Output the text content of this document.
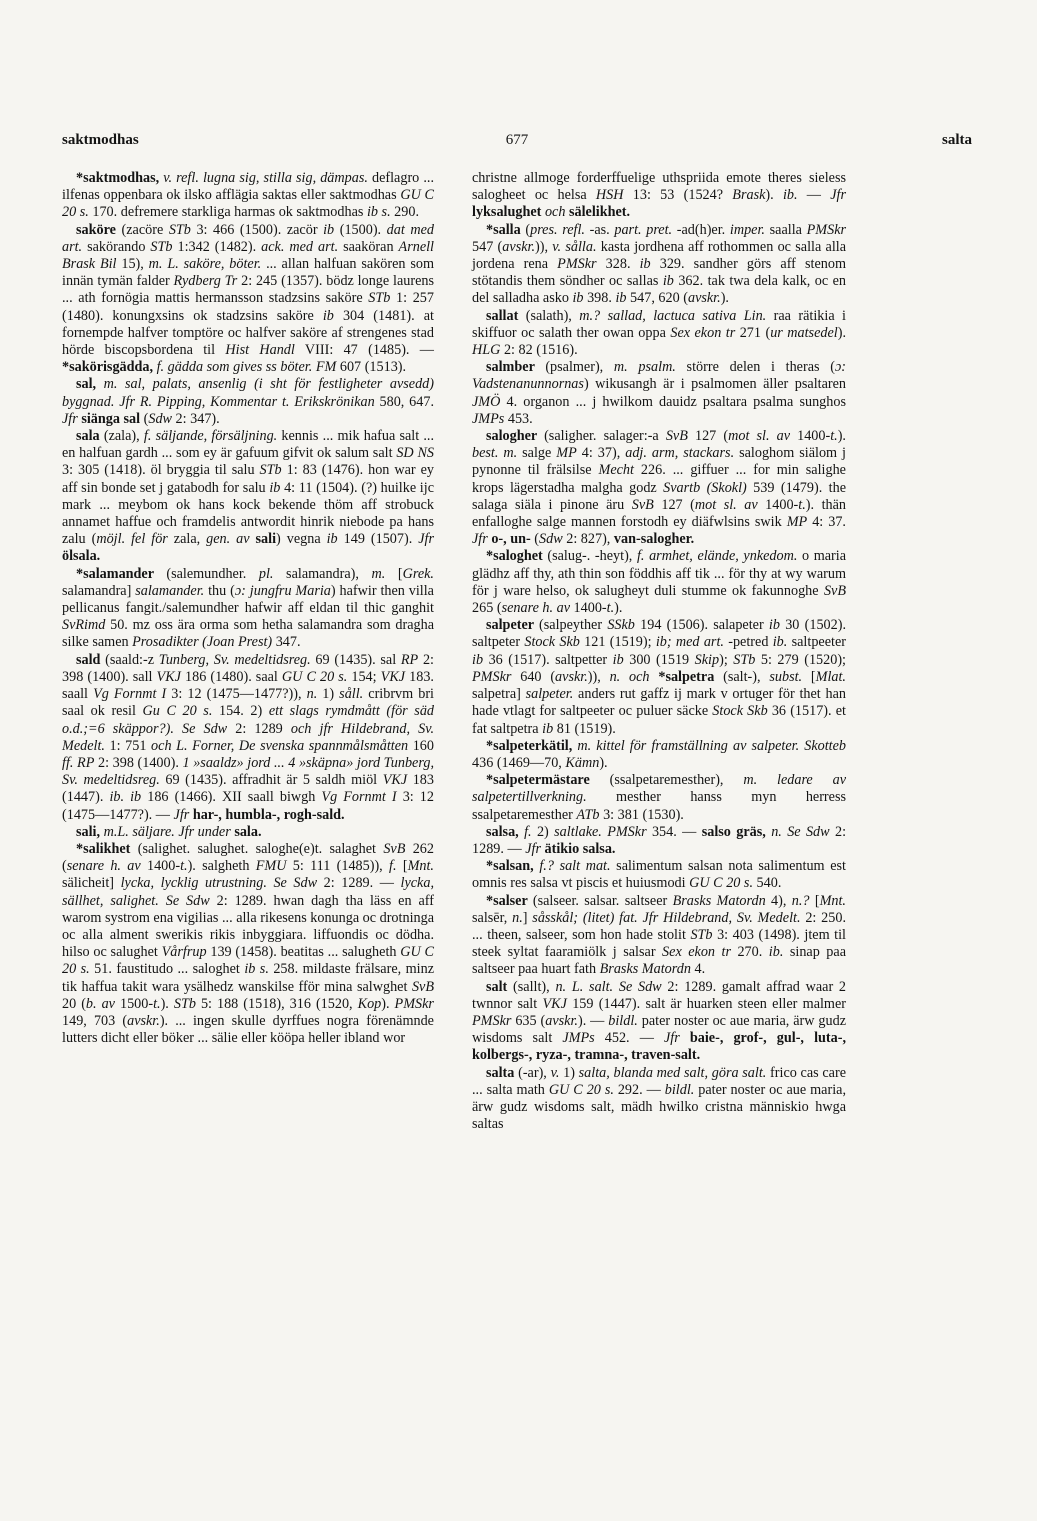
saktmodhas	677	salta

*saktmodhas, v. refl. lugna sig, stilla sig, dämpas. deflagro ... ilfenas oppenbara ok ilsko afflägia saktas eller saktmodhas GU C 20 s. 170. defremere starkliga harmas ok saktmodhas ib s. 290.

saköre (zacöre STb 3: 466 (1500). zacör ib (1500). dat med art. sakörando STb 1:342 (1482). ack. med art. saaköran Arnell Brask Bil 15), m. L. saköre, böter. ... allan halfuan sakören som innän tymän falder Rydberg Tr 2: 245 (1357). bödz longe laurens ... ath fornögia mattis hermansson stadzsins saköre STb 1: 257 (1480). konungxsins ok stadzsins saköre ib 304 (1481). at fornempde halfver tomptöre oc halfver saköre af strengenes stad hörde biscopsbordena til Hist Handl VIII: 47 (1485). — *sakörisgädda, f. gädda som gives ss böter. FM 607 (1513).

sal, m. sal, palats, ansenlig (i sht för festligheter avsedd) byggnad. Jfr R. Pipping, Kommentar t. Erikskrönikan 580, 647. Jfr siänga sal (Sdw 2: 347).

sala (zala), f. säljande, försäljning. kennis ... mik hafua salt ... en halfuan gardh ... som ey är gafuum gifvit ok salum salt SD NS 3: 305 (1418). öl bryggia til salu STb 1: 83 (1476). hon war ey aff sin bonde set j gatabodh for salu ib 4: 11 (1504). (?) huilke ijc mark ... meybom ok hans kock bekende thöm aff strobuck annamet haffue och framdelis antwordit hinrik niebode pa hans zalu (möjl. fel för zala, gen. av sali) vegna ib 149 (1507). Jfr ölsala.

*salamander (salemundher. pl. salamandra), m. [Grek. salamandra] salamander. thu (ɔ: jungfru Maria) hafwir then villa pellicanus fangit./salemundher hafwir aff eldan til thic ganghit SvRimd 50. mz oss ära orma som hetha salamandra som dragha silke samen Prosadikter (Joan Prest) 347.

sald (saald:-z Tunberg, Sv. medeltidsreg. 69 (1435). sal RP 2: 398 (1400). sall VKJ 186 (1480). saal GU C 20 s. 154; VKJ 183. saall Vg Fornmt I 3: 12 (1475—1477?)), n. 1) såll. cribrvm bri saal ok resil Gu C 20 s. 154. 2) ett slags rymdmått (för säd o.d.;=6 skäppor?). Se Sdw 2: 1289 och jfr Hildebrand, Sv. Medelt. 1: 751 och L. Forner, De svenska spannmålsmåtten 160 ff. RP 2: 398 (1400). 1 »saaldz» jord ... 4 »skäpna» jord Tunberg, Sv. medeltidsreg. 69 (1435). affradhit är 5 saldh miöl VKJ 183 (1447). ib. ib 186 (1466). XII saall biwgh Vg Fornmt I 3: 12 (1475—1477?). — Jfr har-, humbla-, rogh-sald.

sali, m.L. säljare. Jfr under sala.

*salikhet (salighet. salughet. saloghe(e)t. salaghet SvB 262 (senare h. av 1400-t.). salgheth FMU 5: 111 (1485)), f. [Mnt. sälicheit] lycka, lycklig utrustning. Se Sdw 2: 1289. — lycka, sällhet, salighet. Se Sdw 2: 1289. hwan dagh tha läss en aff warom systrom ena vigilias ... alla rikesens konunga oc drotninga oc alla alment swerikis rikis inbyggiara. liffuondis oc dödha. hilso oc salughet Vårfrup 139 (1458). beatitas ... salugheth GU C 20 s. 51. faustitudo ... saloghet ib s. 258. mildaste frälsare, minz tik haffua takit wara ysälhedz wanskilse fför mina salwghet SvB 20 (b. av 1500-t.). STb 5: 188 (1518), 316 (1520, Kop). PMSkr 149, 703 (avskr.). ... ingen skulle dyrffues nogra förenämnde lutters dicht eller böker ... sälie eller kööpa heller ibland wor

christne allmoge forderffuelige uthspriida emote theres sieless salogheet oc helsa HSH 13: 53 (1524? Brask). ib. — Jfr lyksalughet och sälelikhet.

*salla (pres. refl. -as. part. pret. -ad(h)er. imper. saalla PMSkr 547 (avskr.)), v. sålla. kasta jordhena aff rothommen oc salla alla jordena rena PMSkr 328. ib 329. sandher görs aff stenom stötandis them söndher oc sallas ib 362. tak twa dela kalk, oc en del salladha asko ib 398. ib 547, 620 (avskr.).

sallat (salath), m.? sallad, lactuca sativa Lin. raa rätikia i skiffuor oc salath ther owan oppa Sex ekon tr 271 (ur matsedel). HLG 2: 82 (1516).

salmber (psalmer), m. psalm. större delen i theras (ɔ: Vadstenanunnornas) wikusangh är i psalmomen äller psaltaren JMÖ 4. organon ... j hwilkom dauidz psaltara psalma sunghos JMPs 453.

salogher (saligher. salager:-a SvB 127 (mot sl. av 1400-t.). best. m. salge MP 4: 37), adj. arm, stackars. saloghom siälom j pynonne til frälsilse Mecht 226. ... giffuer ... for min salighe krops lägerstadha malgha godz Svartb (Skokl) 539 (1479). the salaga siäla i pinone äru SvB 127 (mot sl. av 1400-t.). thän enfalloghe salge mannen forstodh ey diäfwlsins swik MP 4: 37. Jfr o-, un- (Sdw 2: 827), van-salogher.

*saloghet (salug-. -heyt), f. armhet, elände, ynkedom. o maria glädhz aff thy, ath thin son föddhis aff tik ... för thy at wy warum för j ware helso, ok salugheyt duli stumme ok fakunnoghe SvB 265 (senare h. av 1400-t.).

salpeter (salpeyther SSkb 194 (1506). salapeter ib 30 (1502). saltpeter Stock Skb 121 (1519); ib; med art. -petred ib. saltpeeter ib 36 (1517). saltpetter ib 300 (1519 Skip); STb 5: 279 (1520); PMSkr 640 (avskr.)), n. och *salpetra (salt-), subst. [Mlat. salpetra] salpeter. anders rut gaffz ij mark v ortuger för thet han hade vtlagt for saltpeeter oc puluer säcke Stock Skb 36 (1517). et fat saltpetra ib 81 (1519).

*salpeterkätil, m. kittel för framställning av salpeter. Skotteb 436 (1469—70, Kämn).

*salpetermästare (ssalpetaremesther), m. ledare av salpetertillverkning. mesther hanss myn herress ssalpetaremesther ATb 3: 381 (1530).

salsa, f. 2) saltlake. PMSkr 354. — salso gräs, n. Se Sdw 2: 1289. — Jfr ätikio salsa.

*salsan, f.? salt mat. salimentum salsan nota salimentum est omnis res salsa vt piscis et huiusmodi GU C 20 s. 540.

*salser (salseer. salsar. saltseer Brasks Matordn 4), n.? [Mnt. salsēr, n.] såsskål; (litet) fat. Jfr Hildebrand, Sv. Medelt. 2: 250. ... theen, salseer, som hon hade stolit STb 3: 403 (1498). jtem til steek syltat faaramiölk j salsar Sex ekon tr 270. ib. sinap paa saltseer paa huart fath Brasks Matordn 4.

salt (sallt), n. L. salt. Se Sdw 2: 1289. gamalt affrad waar 2 twnnor salt VKJ 159 (1447). salt är huarken steen eller malmer PMSkr 635 (avskr.). — bildl. pater noster oc aue maria, ärw gudz wisdoms salt JMPs 452. — Jfr baie-, grof-, gul-, luta-, kolbergs-, ryza-, tramna-, traven-salt.

salta (-ar), v. 1) salta, blanda med salt, göra salt. frico cas care ... salta math GU C 20 s. 292. — bildl. pater noster oc aue maria, ärw gudz wisdoms salt, mädh hwilko cristna människio hwga saltas
